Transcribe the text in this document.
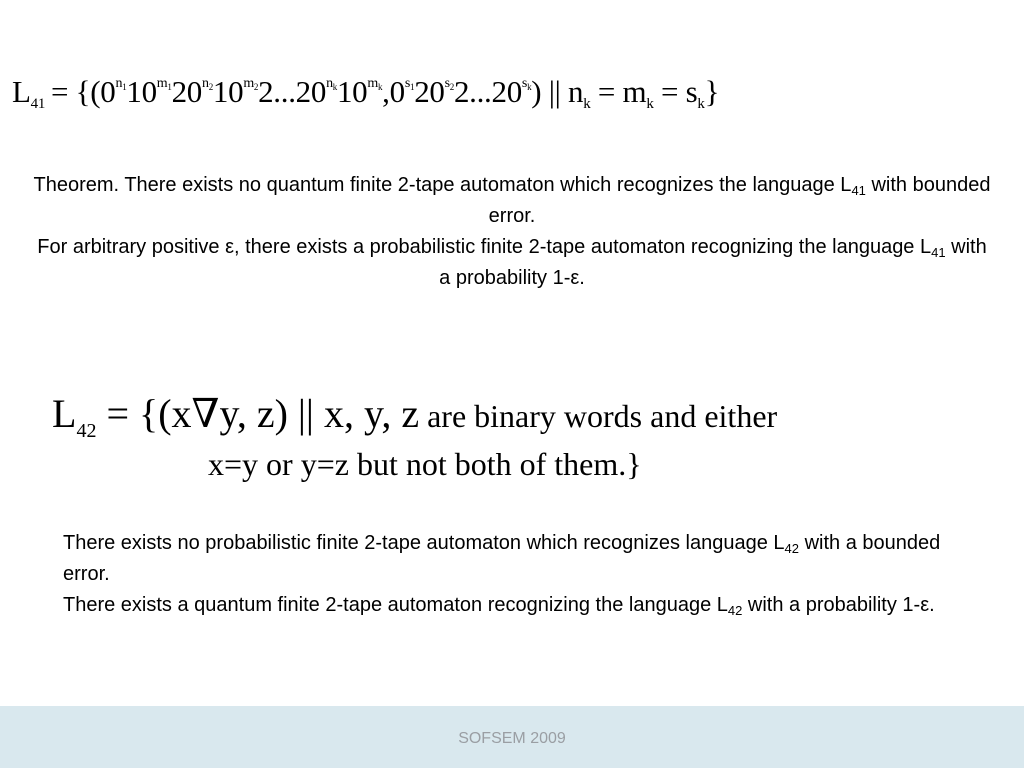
$L_{41} = \{(0^{n_1}10^{m_1}20^{n_2}10^{m_2}2...20^{n_k}10^{m_k},0^{s_1}20^{s_2}2...20^{s_k})$ || $n_k = m_k = s_k$}
Theorem. There exists no quantum finite 2-tape automaton which recognizes the language $L_{41}$ with bounded error.
For arbitrary positive ε, there exists a probabilistic finite 2-tape automaton recognizing the language $L_{41}$ with a probability 1-ε.
$L_{42} = \{(x\nabla y$, z) || x, y, z are binary words and either
x=y or y=z but not both of them.}
There exists no probabilistic finite 2-tape automaton which recognizes language $L_{42}$ with a bounded error.
There exists a quantum finite 2-tape automaton recognizing the language $L_{42}$ with a probability 1-ε.
SOFSEM 2009
